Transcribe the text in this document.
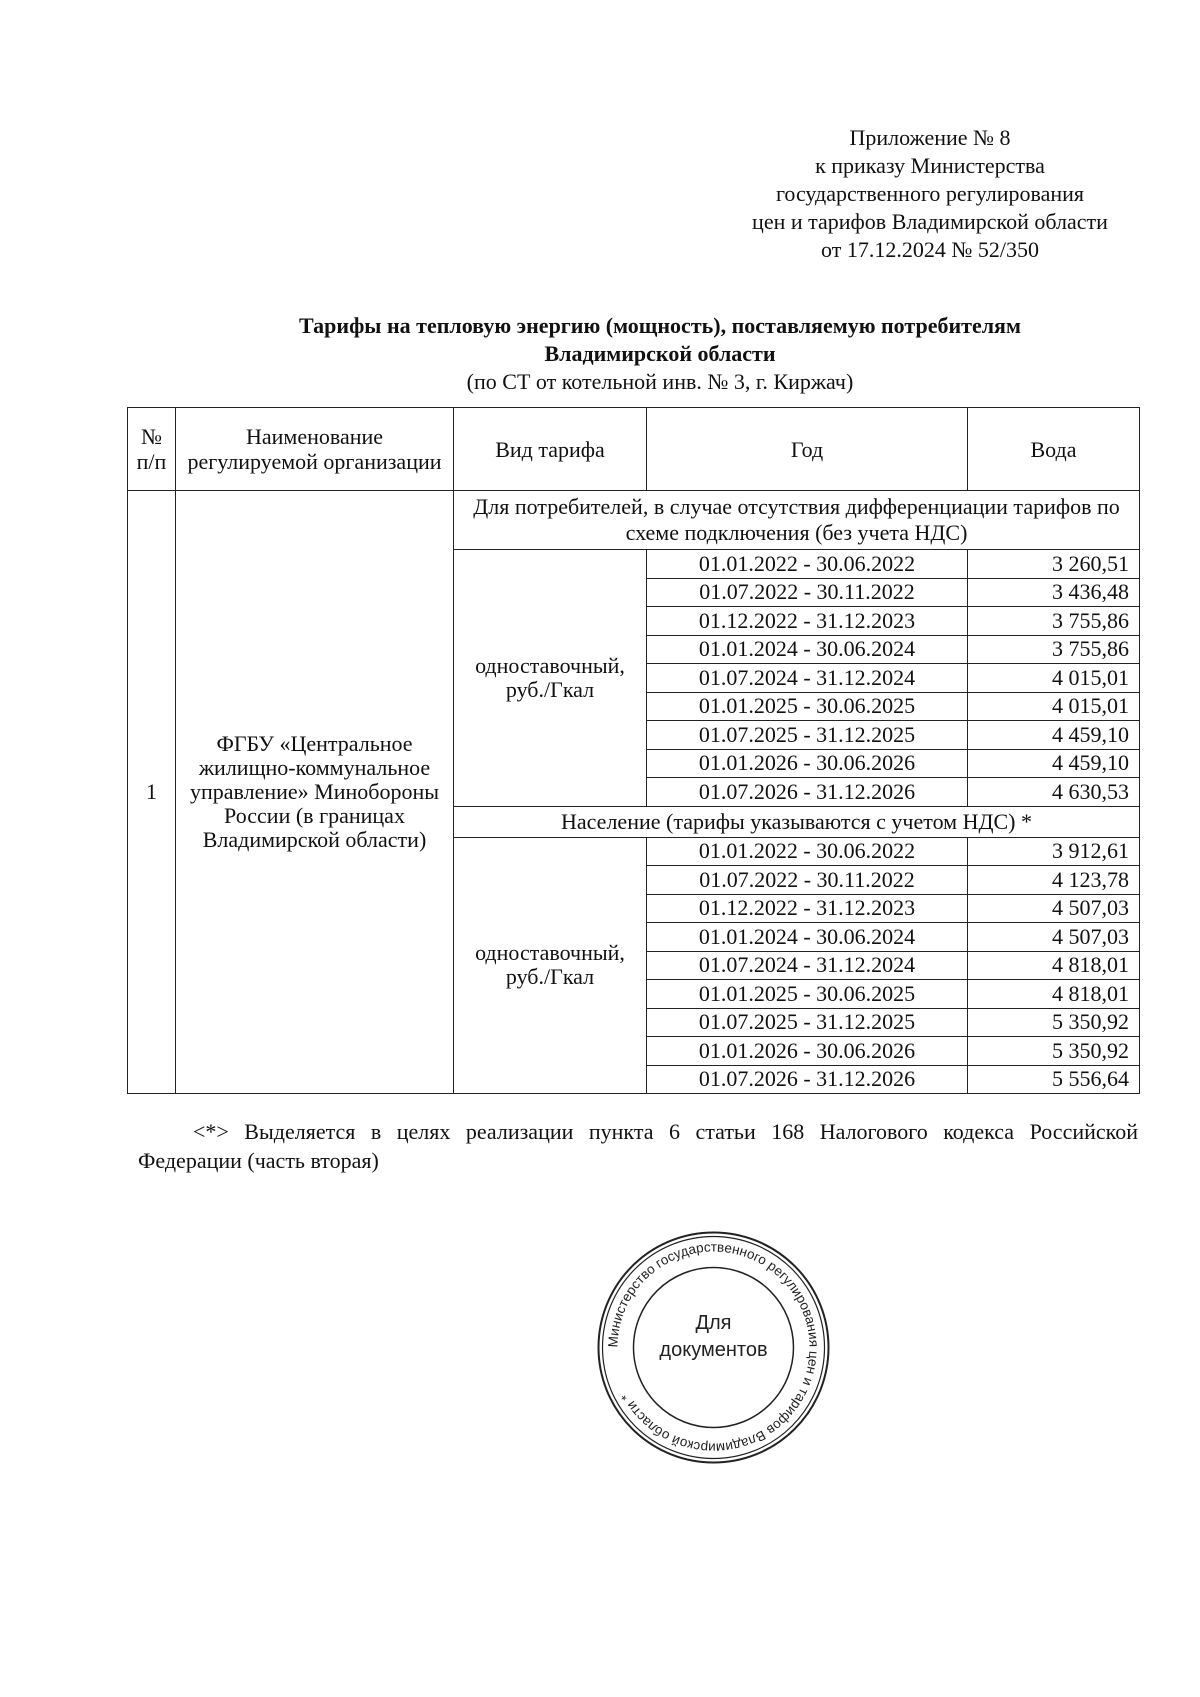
Приложение № 8
к приказу Министерства
государственного регулирования
цен и тарифов Владимирской области
от 17.12.2024 № 52/350
Тарифы на тепловую энергию (мощность), поставляемую потребителям
Владимирской области
(по СТ от котельной инв. № 3, г. Киржач)
№ п/п	Наименование регулируемой организации	Вид тарифа	Год	Вода
1	ФГБУ «Центральное жилищно-коммунальное управление» Минобороны России (в границах Владимирской области)	Для потребителей, в случае отсутствия дифференциации тарифов по схеме подключения (без учета НДС)		
		одноставочный, руб./Гкал	01.01.2022 - 30.06.2022	3 260,51
			01.07.2022 - 30.11.2022	3 436,48
			01.12.2022 - 31.12.2023	3 755,86
			01.01.2024 - 30.06.2024	3 755,86
			01.07.2024 - 31.12.2024	4 015,01
			01.01.2025 - 30.06.2025	4 015,01
			01.07.2025 - 31.12.2025	4 459,10
			01.01.2026 - 30.06.2026	4 459,10
			01.07.2026 - 31.12.2026	4 630,53
		Население (тарифы указываются с учетом НДС) *		
		одноставочный, руб./Гкал	01.01.2022 - 30.06.2022	3 912,61
			01.07.2022 - 30.11.2022	4 123,78
			01.12.2022 - 31.12.2023	4 507,03
			01.01.2024 - 30.06.2024	4 507,03
			01.07.2024 - 31.12.2024	4 818,01
			01.01.2025 - 30.06.2025	4 818,01
			01.07.2025 - 31.12.2025	5 350,92
			01.01.2026 - 30.06.2026	5 350,92
			01.07.2026 - 31.12.2026	5 556,64
<*> Выделяется в целях реализации пункта 6 статьи 168 Налогового кодекса Российской
Федерации (часть вторая)
Министерство государственного регулирования цен и тарифов Владимирской области *
Для
документов
